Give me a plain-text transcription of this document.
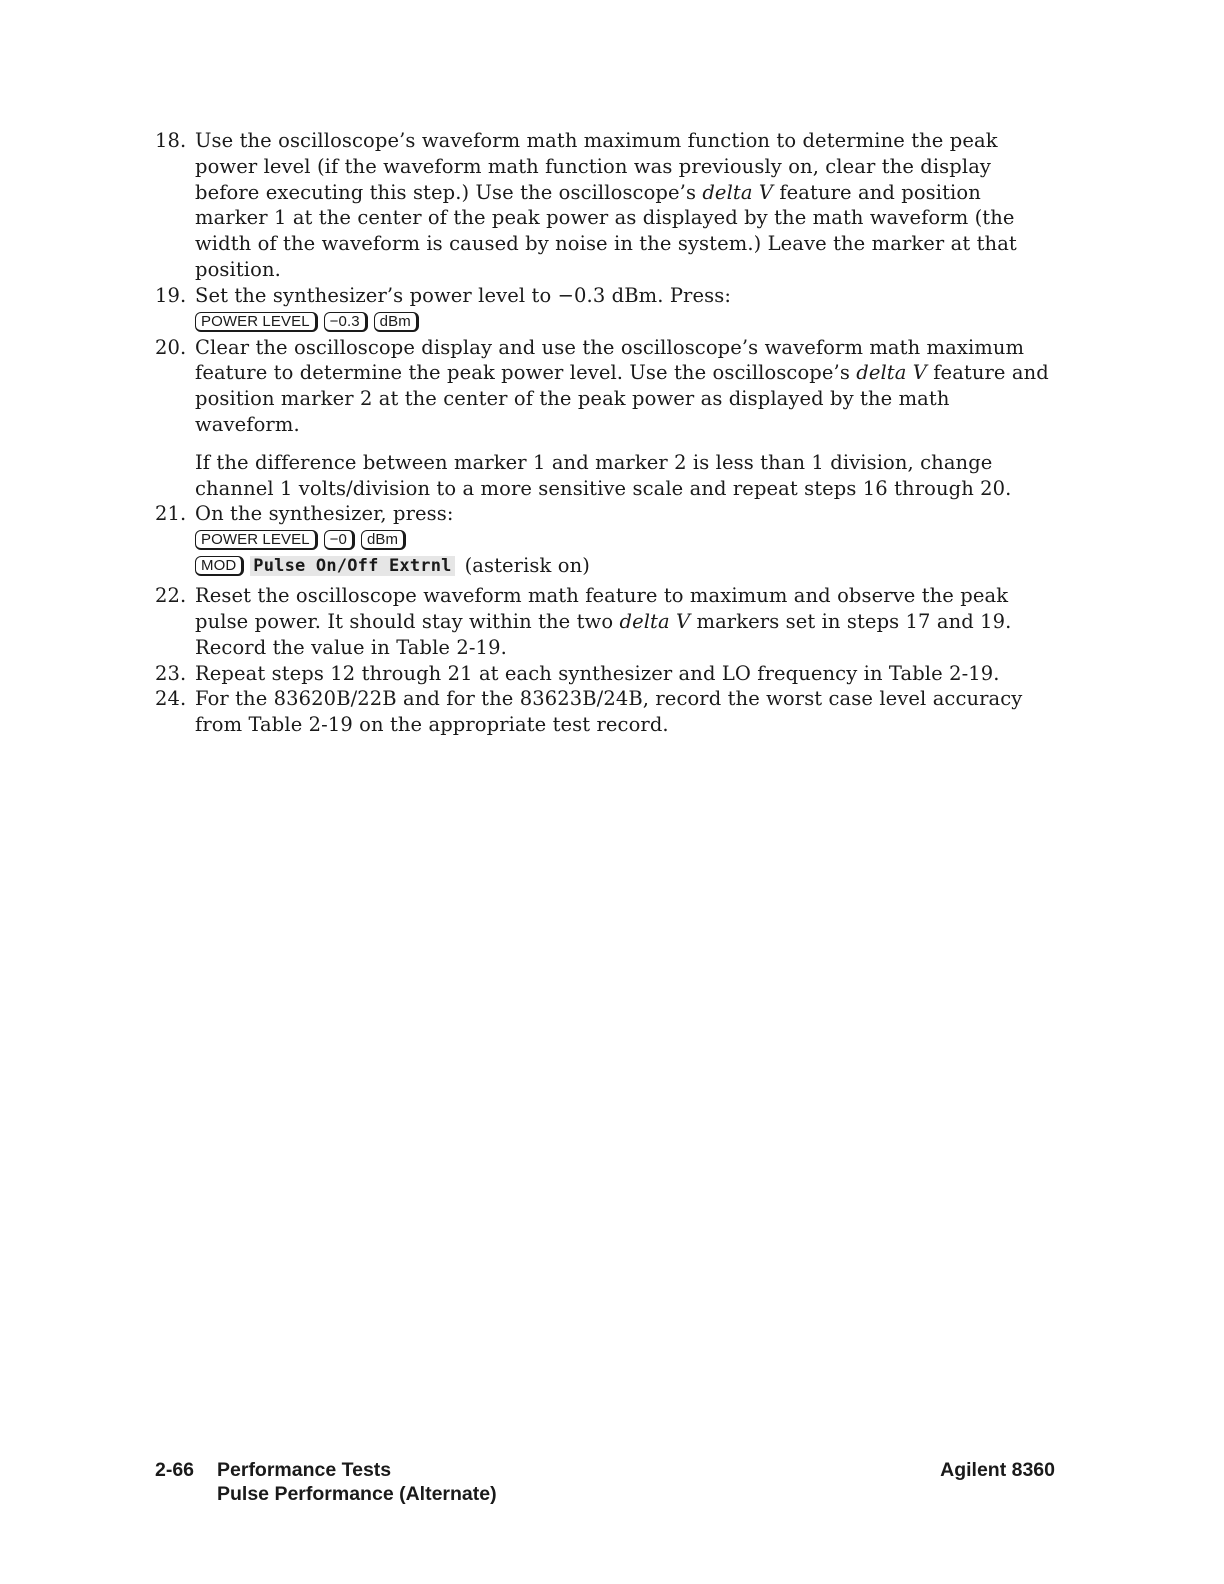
18. Use the oscilloscope’s waveform math maximum function to determine the peak power level (if the waveform math function was previously on, clear the display before executing this step.) Use the oscilloscope’s delta V feature and position marker 1 at the center of the peak power as displayed by the math waveform (the width of the waveform is caused by noise in the system.) Leave the marker at that position.
19. Set the synthesizer’s power level to −0.3 dBm. Press:
POWER LEVEL	−0.3	dBm
20. Clear the oscilloscope display and use the oscilloscope’s waveform math maximum feature to determine the peak power level. Use the oscilloscope’s delta V feature and position marker 2 at the center of the peak power as displayed by the math waveform.
If the difference between marker 1 and marker 2 is less than 1 division, change channel 1 volts/division to a more sensitive scale and repeat steps 16 through 20.
21. On the synthesizer, press:
POWER LEVEL	−0	dBm
MOD	Pulse On/Off Extrnl (asterisk on)
22. Reset the oscilloscope waveform math feature to maximum and observe the peak pulse power. It should stay within the two delta V markers set in steps 17 and 19. Record the value in Table 2-19.
23. Repeat steps 12 through 21 at each synthesizer and LO frequency in Table 2-19.
24. For the 83620B/22B and for the 83623B/24B, record the worst case level accuracy from Table 2-19 on the appropriate test record.
2-66 Performance Tests
Pulse Performance (Alternate)
Agilent 8360
